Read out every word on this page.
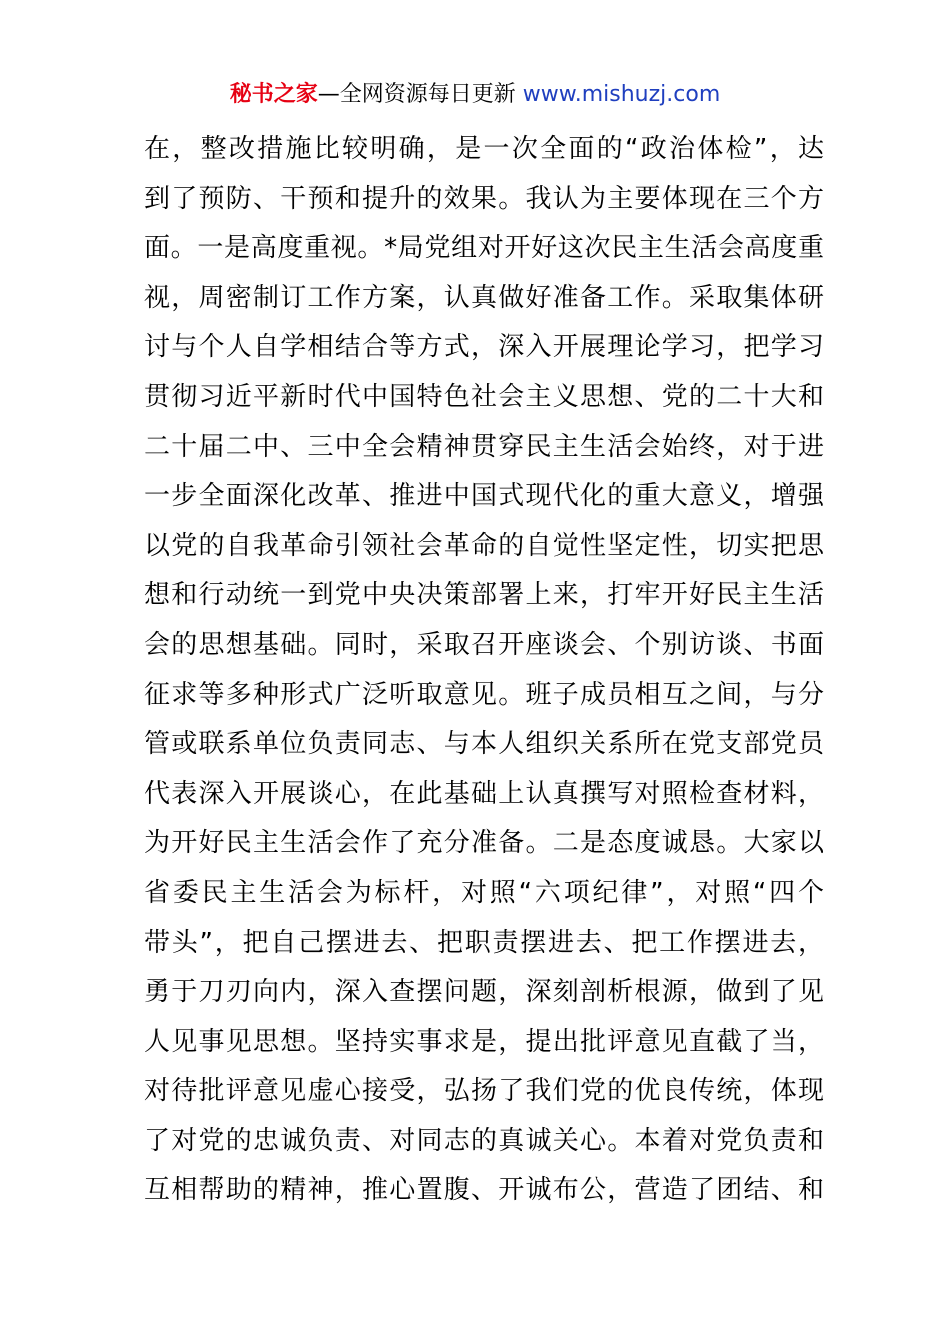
秘书之家—全网资源每日更新 www.mishuzj.com
在，整改措施比较明确，是一次全面的“政治体检”，达
到了预防、干预和提升的效果。我认为主要体现在三个方
面。一是高度重视。*局党组对开好这次民主生活会高度重
视，周密制订工作方案，认真做好准备工作。采取集体研
讨与个人自学相结合等方式，深入开展理论学习，把学习
贯彻习近平新时代中国特色社会主义思想、党的二十大和
二十届二中、三中全会精神贯穿民主生活会始终，对于进
一步全面深化改革、推进中国式现代化的重大意义，增强
以党的自我革命引领社会革命的自觉性坚定性，切实把思
想和行动统一到党中央决策部署上来，打牢开好民主生活
会的思想基础。同时，采取召开座谈会、个别访谈、书面
征求等多种形式广泛听取意见。班子成员相互之间，与分
管或联系单位负责同志、与本人组织关系所在党支部党员
代表深入开展谈心，在此基础上认真撰写对照检查材料，
为开好民主生活会作了充分准备。二是态度诚恳。大家以
省委民主生活会为标杆，对照“六项纪律”，对照“四个
带头”，把自己摆进去、把职责摆进去、把工作摆进去，
勇于刀刃向内，深入查摆问题，深刻剖析根源，做到了见
人见事见思想。坚持实事求是，提出批评意见直截了当，
对待批评意见虚心接受，弘扬了我们党的优良传统，体现
了对党的忠诚负责、对同志的真诚关心。本着对党负责和
互相帮助的精神，推心置腹、开诚布公，营造了团结、和
